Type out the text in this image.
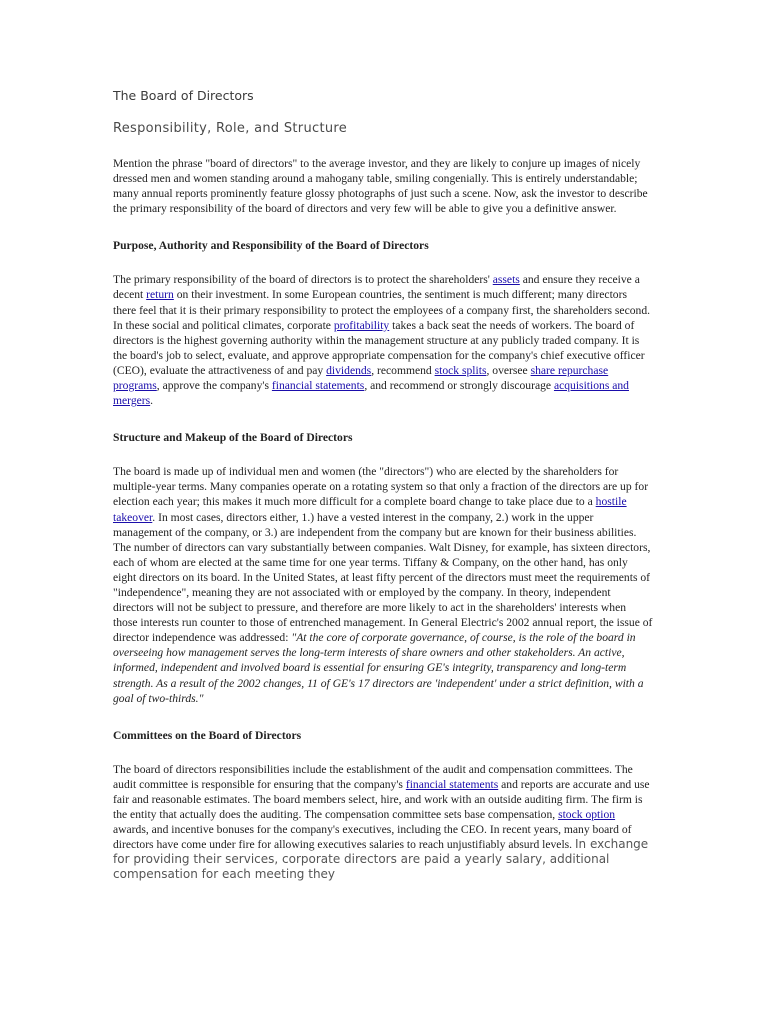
The Board of Directors
Responsibility, Role, and Structure

Mention the phrase "board of directors" to the average investor, and they are likely to conjure up images of nicely dressed men and women standing around a mahogany table, smiling congenially. This is entirely understandable; many annual reports prominently feature glossy photographs of just such a scene. Now, ask the investor to describe the primary responsibility of the board of directors and very few will be able to give you a definitive answer.

Purpose, Authority and Responsibility of the Board of Directors

The primary responsibility of the board of directors is to protect the shareholders' assets and ensure they receive a decent return on their investment. In some European countries, the sentiment is much different; many directors there feel that it is their primary responsibility to protect the employees of a company first, the shareholders second. In these social and political climates, corporate profitability takes a back seat the needs of workers. The board of directors is the highest governing authority within the management structure at any publicly traded company. It is the board's job to select, evaluate, and approve appropriate compensation for the company's chief executive officer (CEO), evaluate the attractiveness of and pay dividends, recommend stock splits, oversee share repurchase programs, approve the company's financial statements, and recommend or strongly discourage acquisitions and mergers.

Structure and Makeup of the Board of Directors

The board is made up of individual men and women (the "directors") who are elected by the shareholders for multiple-year terms. Many companies operate on a rotating system so that only a fraction of the directors are up for election each year; this makes it much more difficult for a complete board change to take place due to a hostile takeover. In most cases, directors either, 1.) have a vested interest in the company, 2.) work in the upper management of the company, or 3.) are independent from the company but are known for their business abilities. The number of directors can vary substantially between companies. Walt Disney, for example, has sixteen directors, each of whom are elected at the same time for one year terms. Tiffany & Company, on the other hand, has only eight directors on its board. In the United States, at least fifty percent of the directors must meet the requirements of "independence", meaning they are not associated with or employed by the company. In theory, independent directors will not be subject to pressure, and therefore are more likely to act in the shareholders' interests when those interests run counter to those of entrenched management. In General Electric's 2002 annual report, the issue of director independence was addressed: "At the core of corporate governance, of course, is the role of the board in overseeing how management serves the long-term interests of share owners and other stakeholders. An active, informed, independent and involved board is essential for ensuring GE's integrity, transparency and long-term strength. As a result of the 2002 changes, 11 of GE's 17 directors are 'independent' under a strict definition, with a goal of two-thirds."

Committees on the Board of Directors

The board of directors responsibilities include the establishment of the audit and compensation committees. The audit committee is responsible for ensuring that the company's financial statements and reports are accurate and use fair and reasonable estimates. The board members select, hire, and work with an outside auditing firm. The firm is the entity that actually does the auditing. The compensation committee sets base compensation, stock option awards, and incentive bonuses for the company's executives, including the CEO. In recent years, many board of directors have come under fire for allowing executives salaries to reach unjustifiably absurd levels. In exchange for providing their services, corporate directors are paid a yearly salary, additional compensation for each meeting they
